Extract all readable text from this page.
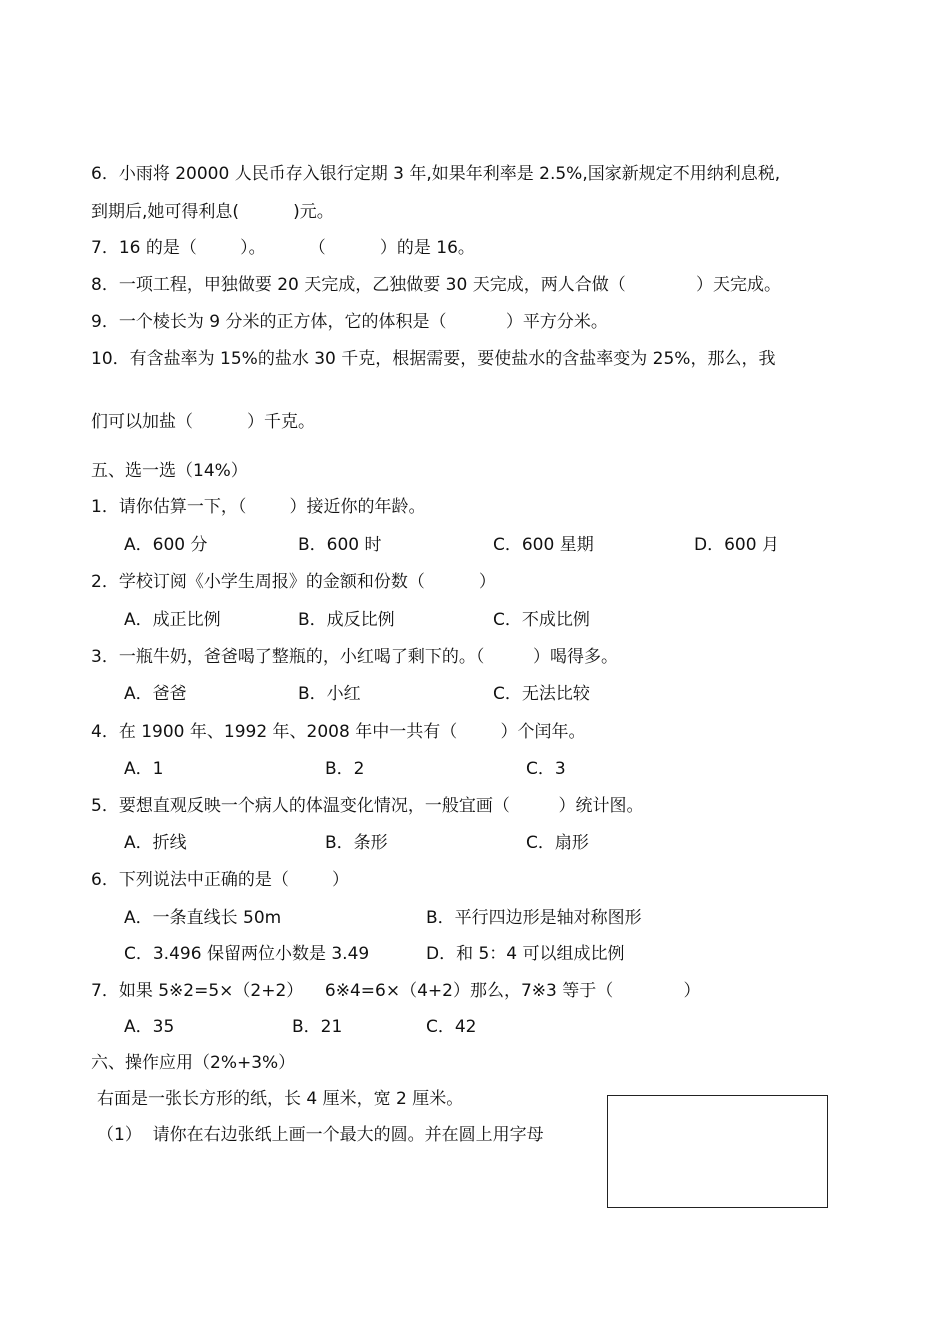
6．小雨将 20000 人民币存入银行定期 3 年,如果年利率是 2.5%,国家新规定不用纳利息税,
到期后,她可得利息(          )元。
7．16 的是（        ）。        （          ）的是 16。
8．一项工程，甲独做要 20 天完成，乙独做要 30 天完成，两人合做（             ）天完成。
9．一个棱长为 9 分米的正方体，它的体积是（           ）平方分米。
10．有含盐率为 15%的盐水 30 千克，根据需要，要使盐水的含盐率变为 25%，那么，我
们可以加盐（          ）千克。
五、选一选（14%）
1．请你估算一下，（        ）接近你的年龄。
A．600 分	B．600 时	C．600 星期	D．600 月
2．学校订阅《小学生周报》的金额和份数（          ）
A．成正比例	B．成反比例	C．不成比例
3．一瓶牛奶，爸爸喝了整瓶的，小红喝了剩下的。（         ）喝得多。
A．爸爸	B．小红	C．无法比较
4．在 1900 年、1992 年、2008 年中一共有（        ）个闰年。
A．1	B．2	C．3
5．要想直观反映一个病人的体温变化情况，一般宜画（         ）统计图。
A．折线	B．条形	C．扇形
6．下列说法中正确的是（        ）
A．一条直线长 50m	B．平行四边形是轴对称图形
C．3.496 保留两位小数是 3.49	D．和 5：4 可以组成比例
7．如果 5※2=5×（2+2）    6※4=6×（4+2）那么，7※3 等于（             ）
A．35	B．21	C．42
六、操作应用（2%+3%）
右面是一张长方形的纸，长 4 厘米，宽 2 厘米。
（1）  请你在右边张纸上画一个最大的圆。并在圆上用字母
